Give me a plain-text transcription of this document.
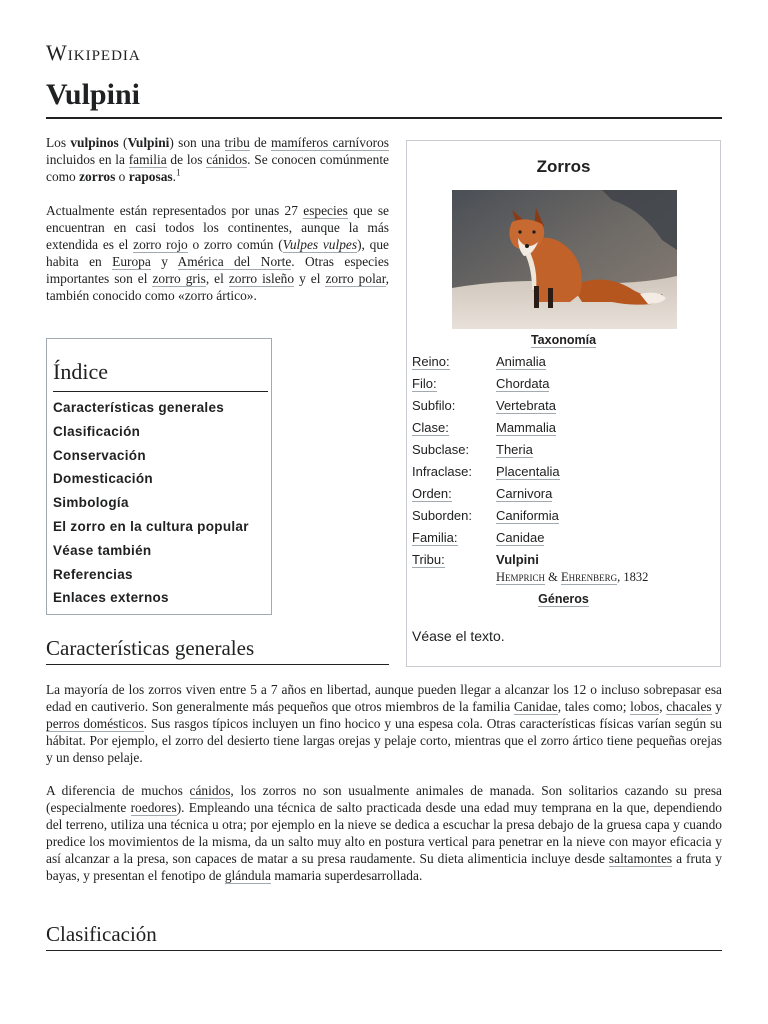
Wikipedia
Vulpini

Los vulpinos (Vulpini) son una tribu de mamíferos carnívoros incluidos en la familia de los cánidos. Se conocen comúnmente como zorros o raposas.$^1$

Actualmente están representados por unas 27 especies que se encuentran en casi todos los continentes, aunque la más extendida es el zorro rojo o zorro común (Vulpes vulpes), que habita en Europa y América del Norte. Otras especies importantes son el zorro gris, el zorro isleño y el zorro polar, también conocido como «zorro ártico».

Índice
Características generales
Clasificación
Conservación
Domesticación
Simbología
El zorro en la cultura popular
Véase también
Referencias
Enlaces externos
Zorros
Taxonomía
Reino:	Animalia
Filo:	Chordata
Subfilo:	Vertebrata
Clase:	Mammalia
Subclase: Theria
Infraclase: Placentalia
Orden:	Carnivora
Suborden: Caniformia
Familia:	Canidae
Tribu:	Vulpini
Hemprich & Ehrenberg, 1832
Géneros
Véase el texto.
Características generales

La mayoría de los zorros viven entre 5 a 7 años en libertad, aunque pueden llegar a alcanzar los 12 o incluso sobrepasar esa edad en cautiverio. Son generalmente más pequeños que otros miembros de la familia Canidae, tales como; lobos, chacales y perros domésticos. Sus rasgos típicos incluyen un fino hocico y una espesa cola. Otras características físicas varían según su hábitat. Por ejemplo, el zorro del desierto tiene largas orejas y pelaje corto, mientras que el zorro ártico tiene pequeñas orejas y un denso pelaje.

A diferencia de muchos cánidos, los zorros no son usualmente animales de manada. Son solitarios cazando su presa (especialmente roedores). Empleando una técnica de salto practicada desde una edad muy temprana en la que, dependiendo del terreno, utiliza una técnica u otra; por ejemplo en la nieve se dedica a escuchar la presa debajo de la gruesa capa y cuando predice los movimientos de la misma, da un salto muy alto en postura vertical para penetrar en la nieve con mayor eficacia y así alcanzar a la presa, son capaces de matar a su presa raudamente. Su dieta alimenticia incluye desde saltamontes a fruta y bayas, y presentan el fenotipo de glándula mamaria superdesarrollada.

Clasificación
